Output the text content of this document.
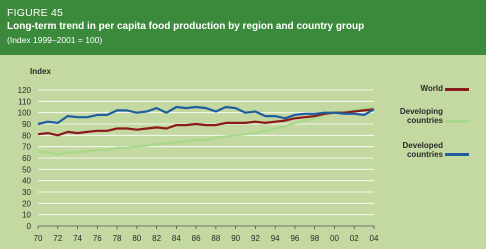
FIGURE 45
Long-term trend in per capita food production by region and country group
(Index 1999–2001 = 100)
Index
0
10
20
30
40
50
60
70
80
90
100
110
120
70 72 74 76 78 80 82 84 86 88 90 92 94 96 98 00 02 04
World
Developing countries
Developed countries
